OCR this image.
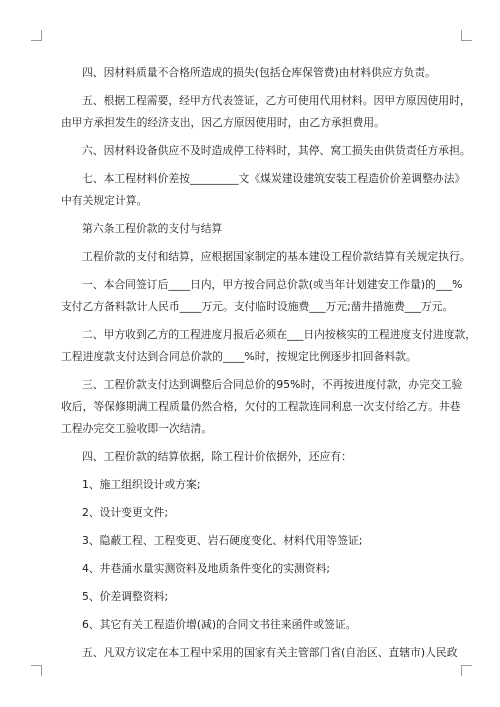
四、因材料质量不合格所造成的损失(包括仓库保管费)由材料供应方负责。
五、根据工程需要，经甲方代表签证，乙方可使用代用材料。因甲方原因使用时，
由甲方承担发生的经济支出，因乙方原因使用时，由乙方承担费用。
六、因材料设备供应不及时造成停工待料时，其停、窝工损失由供货责任方承担。
七、本工程材料价差按_________文《煤炭建设建筑安装工程造价价差调整办法》
中有关规定计算。
第六条工程价款的支付与结算
工程价款的支付和结算，应根据国家制定的基本建设工程价款结算有关规定执行。
一、本合同签订后____日内，甲方按合同总价款(或当年计划建安工作量)的___%
支付乙方备料款计人民币____万元。支付临时设施费___万元;凿井措施费___万元。
二、甲方收到乙方的工程进度月报后必须在___日内按核实的工程进度支付进度款，
工程进度款支付达到合同总价款的____%时，按规定比例逐步扣回备料款。
三、工程价款支付达到调整后合同总价的95%时，不再按进度付款，办完交工验
收后，等保修期满工程质量仍然合格，欠付的工程款连同利息一次支付给乙方。井巷
工程办完交工验收即一次结清。
四、工程价款的结算依据，除工程计价依据外，还应有：
1、施工组织设计或方案;
2、设计变更文件;
3、隐蔽工程、工程变更、岩石硬度变化、材料代用等签证;
4、井巷涌水量实测资料及地质条件变化的实测资料;
5、价差调整资料;
6、其它有关工程造价增(减)的合同文书往来函件或签证。
五、凡双方议定在本工程中采用的国家有关主管部门省(自治区、直辖市)人民政
